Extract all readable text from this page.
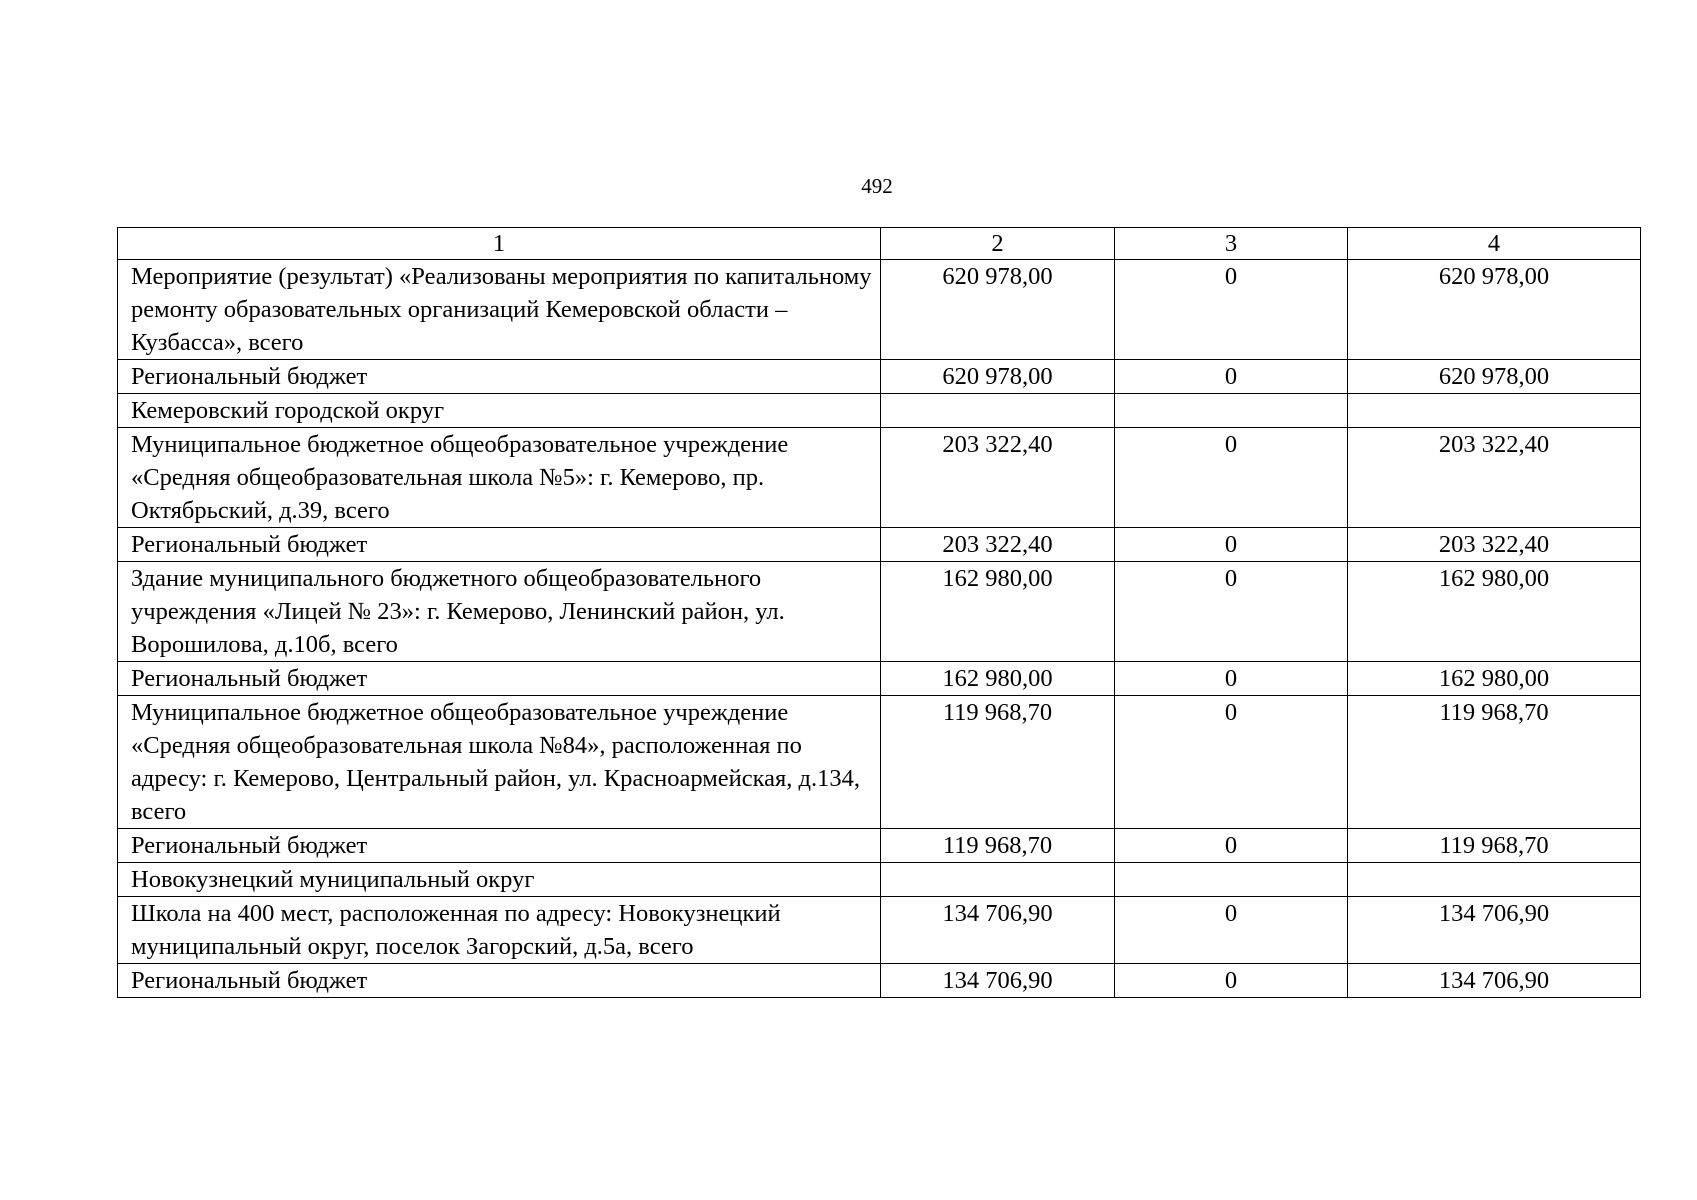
492
1	2	3	4
Мероприятие (результат) «Реализованы мероприятия по капитальному ремонту образовательных организаций Кемеровской области – Кузбасса», всего	620 978,00	0	620 978,00
Региональный бюджет	620 978,00	0	620 978,00
Кемеровский городской округ			
Муниципальное бюджетное общеобразовательное учреждение «Средняя общеобразовательная школа №5»: г. Кемерово, пр. Октябрьский, д.39, всего	203 322,40	0	203 322,40
Региональный бюджет	203 322,40	0	203 322,40
Здание муниципального бюджетного общеобразовательного учреждения «Лицей № 23»: г. Кемерово, Ленинский район, ул. Ворошилова, д.10б, всего	162 980,00	0	162 980,00
Региональный бюджет	162 980,00	0	162 980,00
Муниципальное бюджетное общеобразовательное учреждение «Средняя общеобразовательная школа №84», расположенная по адресу: г. Кемерово, Центральный район, ул. Красноармейская, д.134, всего	119 968,70	0	119 968,70
Региональный бюджет	119 968,70	0	119 968,70
Новокузнецкий муниципальный округ			
Школа на 400 мест, расположенная по адресу: Новокузнецкий муниципальный округ, поселок Загорский, д.5а, всего	134 706,90	0	134 706,90
Региональный бюджет	134 706,90	0	134 706,90
